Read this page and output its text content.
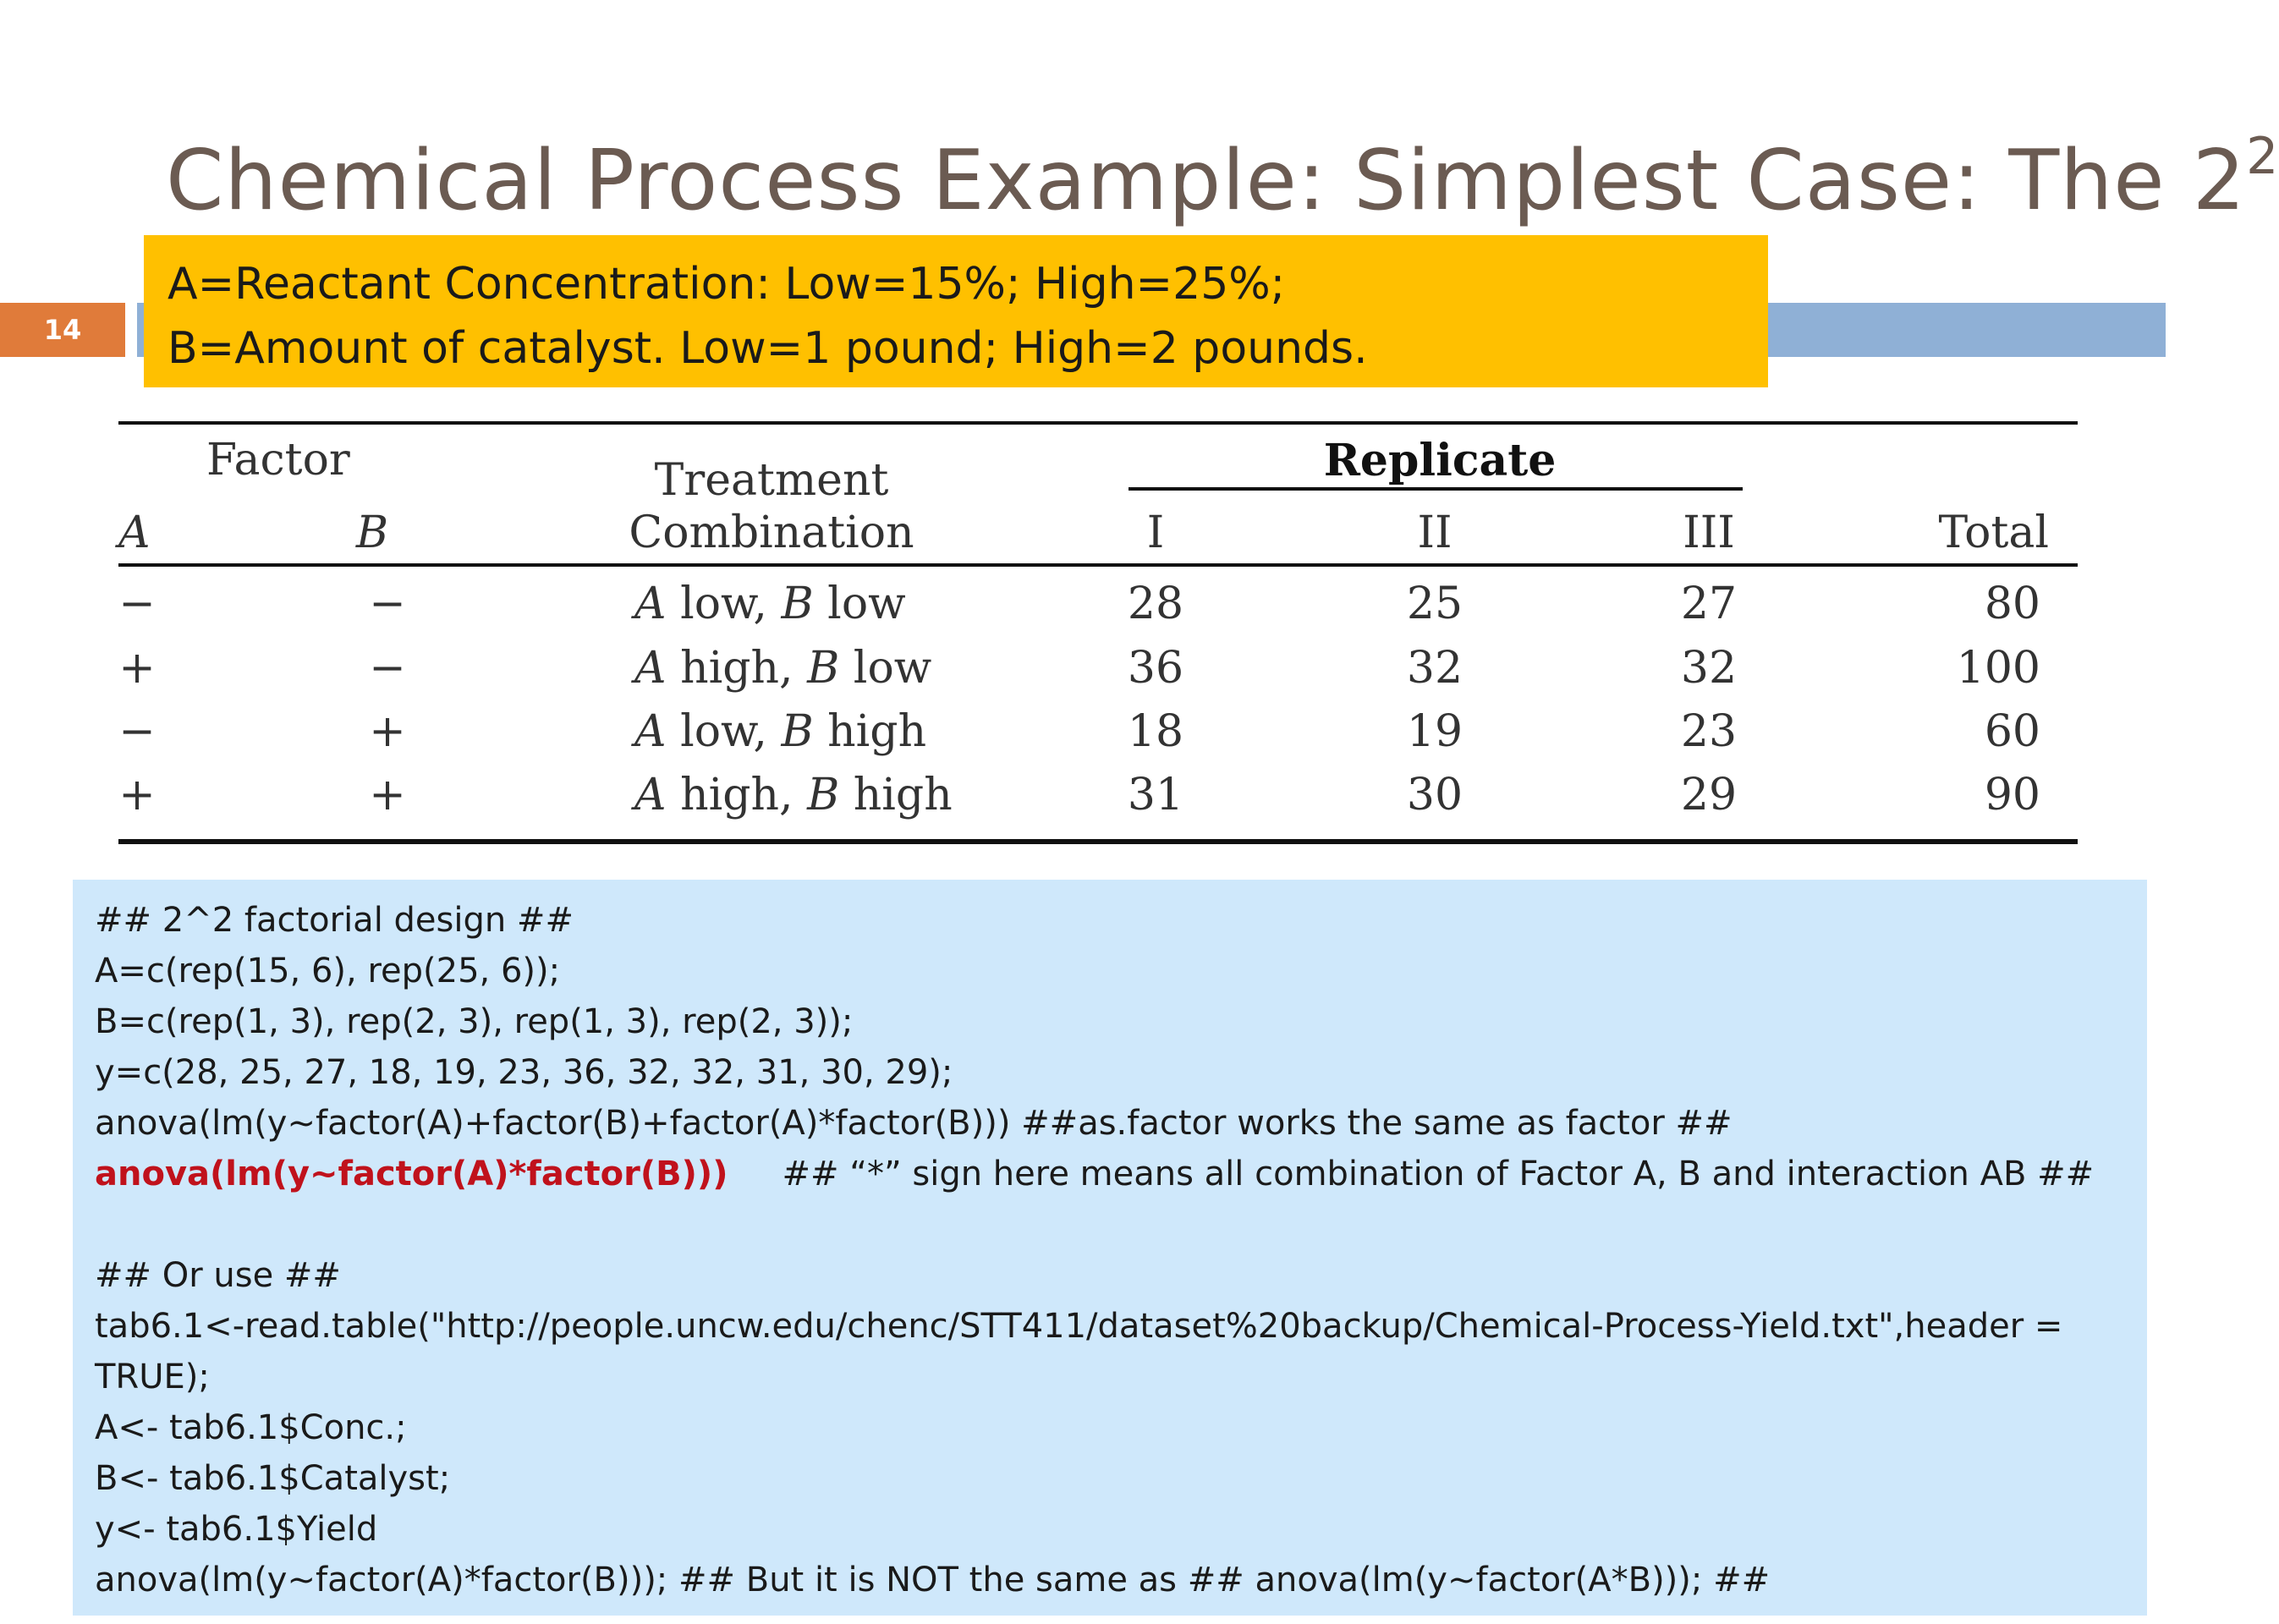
Chemical Process Example: Simplest Case: The $2^2$
14
A=Reactant Concentration: Low=15%; High=25%;
B=Amount of catalyst. Low=1 pound; High=2 pounds.
Factor
A	B
Treatment
Combination
Replicate
I	II	III	Total
−	−	A low, B low	28	25	27	80
+	−	A high, B low	36	32	32	100
−	+	A low, B high	18	19	23	60
+	+	A high, B high	31	30	29	90
## 2^2 factorial design ##
A=c(rep(15, 6), rep(25, 6));
B=c(rep(1, 3), rep(2, 3), rep(1, 3), rep(2, 3));
y=c(28, 25, 27, 18, 19, 23, 36, 32, 32, 31, 30, 29);
anova(lm(y~factor(A)+factor(B)+factor(A)*factor(B))) ##as.factor works the same as factor ##
anova(lm(y~factor(A)*factor(B))) ## “*” sign here means all combination of Factor A, B and interaction AB ##
## Or use ##
tab6.1<-read.table("http://people.uncw.edu/chenc/STT411/dataset%20backup/Chemical-Process-Yield.txt",header =
TRUE);
A<- tab6.1$Conc.;
B<- tab6.1$Catalyst;
y<- tab6.1$Yield
anova(lm(y~factor(A)*factor(B))); ## But it is NOT the same as ## anova(lm(y~factor(A*B))); ##
